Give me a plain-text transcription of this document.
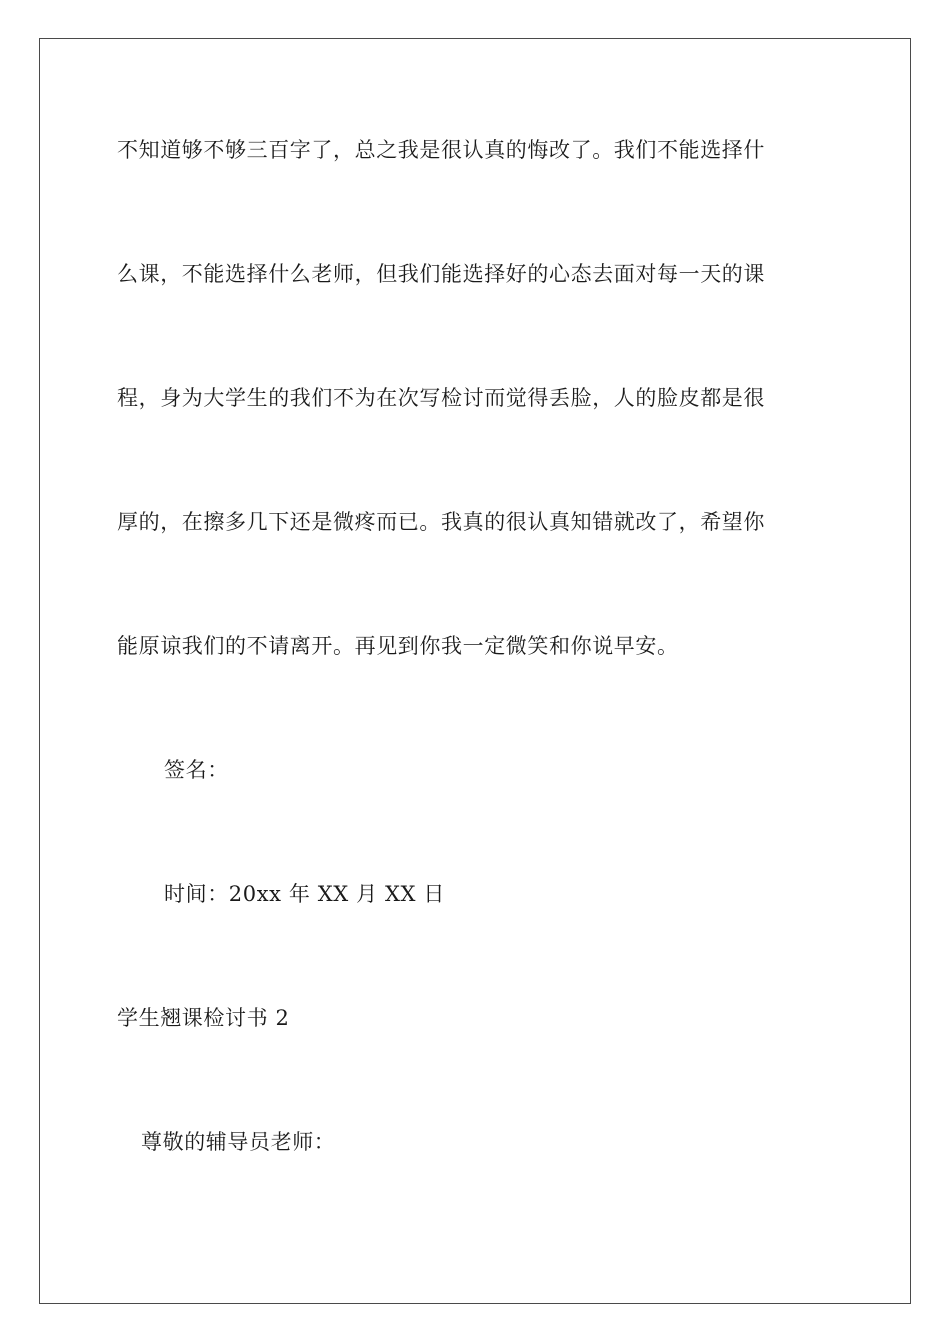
不知道够不够三百字了，总之我是很认真的悔改了。我们不能选择什
么课，不能选择什么老师，但我们能选择好的心态去面对每一天的课
程，身为大学生的我们不为在次写检讨而觉得丢脸，人的脸皮都是很
厚的，在擦多几下还是微疼而已。我真的很认真知错就改了，希望你
能原谅我们的不请离开。再见到你我一定微笑和你说早安。
签名：
时间：20xx 年 XX 月 XX 日
学生翘课检讨书 2
尊敬的辅导员老师：
